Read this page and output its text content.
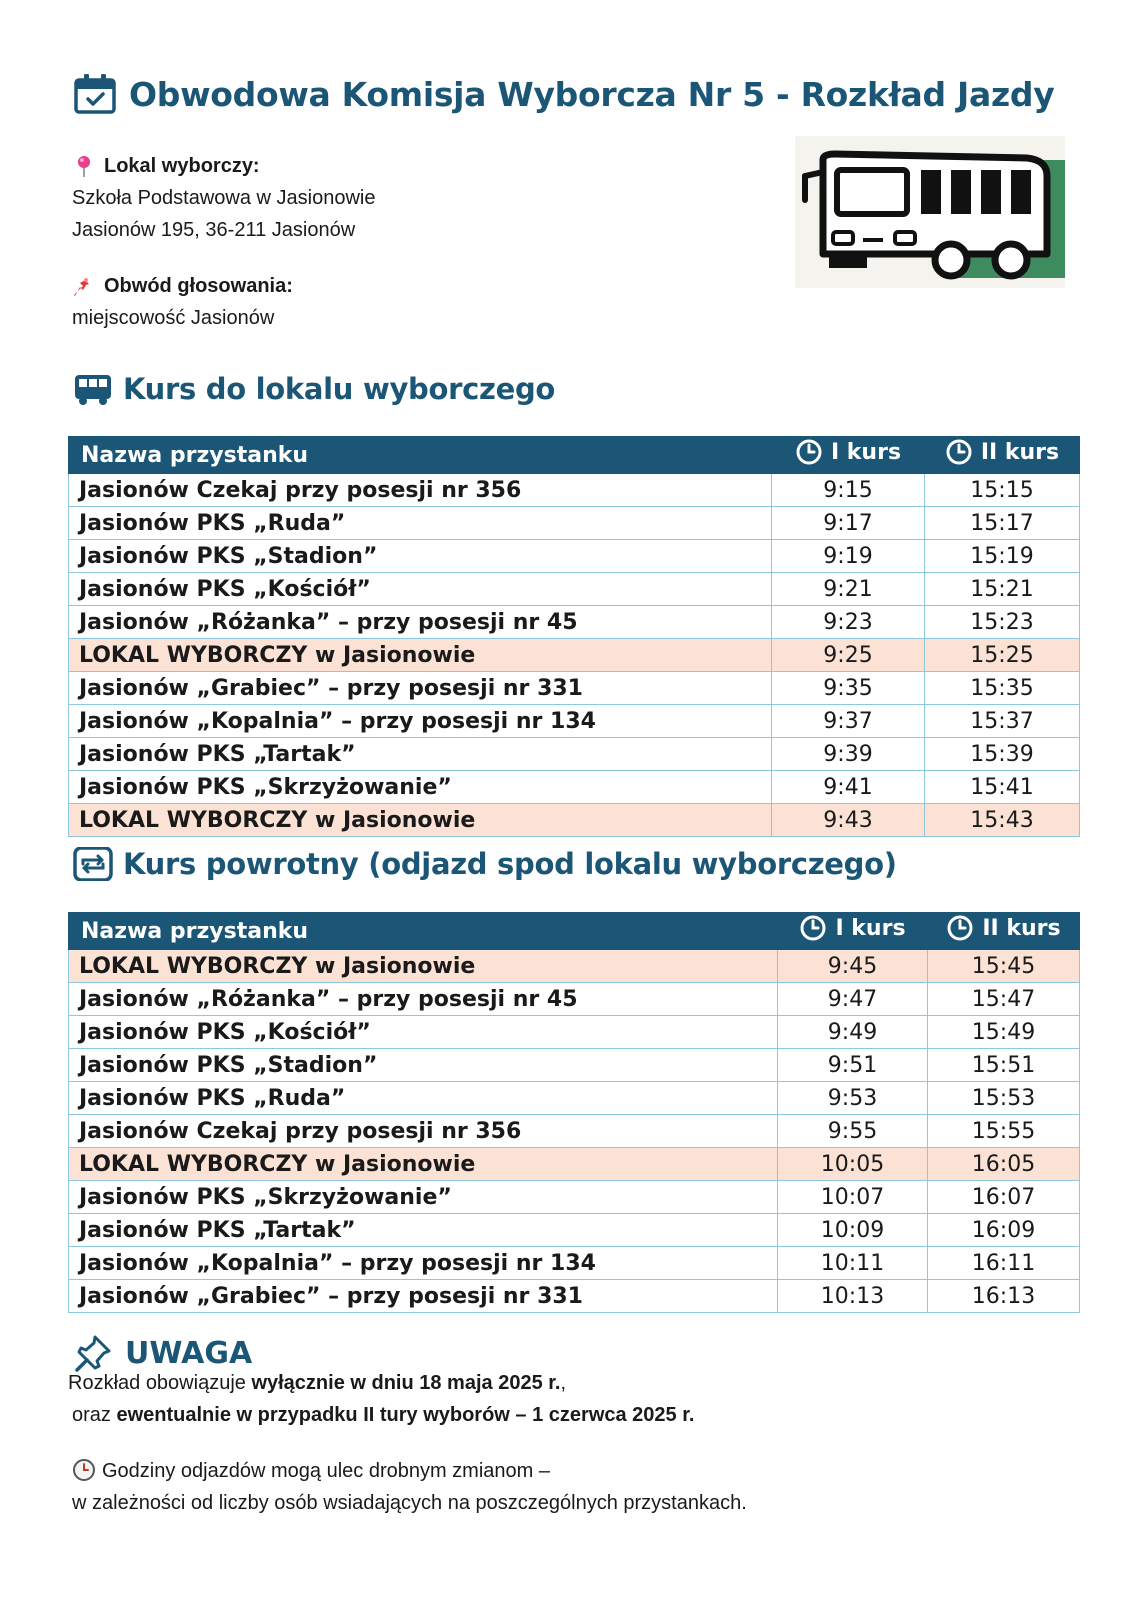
Obwodowa Komisja Wyborcza Nr 5 - Rozkład Jazdy
Lokal wyborczy:
Szkoła Podstawowa w Jasionowie
Jasionów 195, 36-211 Jasionów
Obwód głosowania:
miejscowość Jasionów
Kurs do lokalu wyborczego
Nazwa przystanku	I kurs	II kurs

Jasionów Czekaj przy posesji nr 356	9:15	15:15
Jasionów PKS „Ruda”	9:17	15:17
Jasionów PKS „Stadion”	9:19	15:19
Jasionów PKS „Kościół”	9:21	15:21
Jasionów „Różanka” – przy posesji nr 45	9:23	15:23
LOKAL WYBORCZY w Jasionowie	9:25	15:25
Jasionów „Grabiec” – przy posesji nr 331	9:35	15:35
Jasionów „Kopalnia” – przy posesji nr 134	9:37	15:37
Jasionów PKS „Tartak”	9:39	15:39
Jasionów PKS „Skrzyżowanie”	9:41	15:41
LOKAL WYBORCZY w Jasionowie	9:43	15:43
Kurs powrotny (odjazd spod lokalu wyborczego)
Nazwa przystanku	I kurs	II kurs

LOKAL WYBORCZY w Jasionowie	9:45	15:45
Jasionów „Różanka” – przy posesji nr 45	9:47	15:47
Jasionów PKS „Kościół”	9:49	15:49
Jasionów PKS „Stadion”	9:51	15:51
Jasionów PKS „Ruda”	9:53	15:53
Jasionów Czekaj przy posesji nr 356	9:55	15:55
LOKAL WYBORCZY w Jasionowie	10:05	16:05
Jasionów PKS „Skrzyżowanie”	10:07	16:07
Jasionów PKS „Tartak”	10:09	16:09
Jasionów „Kopalnia” – przy posesji nr 134	10:11	16:11
Jasionów „Grabiec” – przy posesji nr 331	10:13	16:13
UWAGA
Rozkład obowiązuje wyłącznie w dniu 18 maja 2025 r.,
oraz ewentualnie w przypadku II tury wyborów – 1 czerwca 2025 r.
Godziny odjazdów mogą ulec drobnym zmianom –
w zależności od liczby osób wsiadających na poszczególnych przystankach.
